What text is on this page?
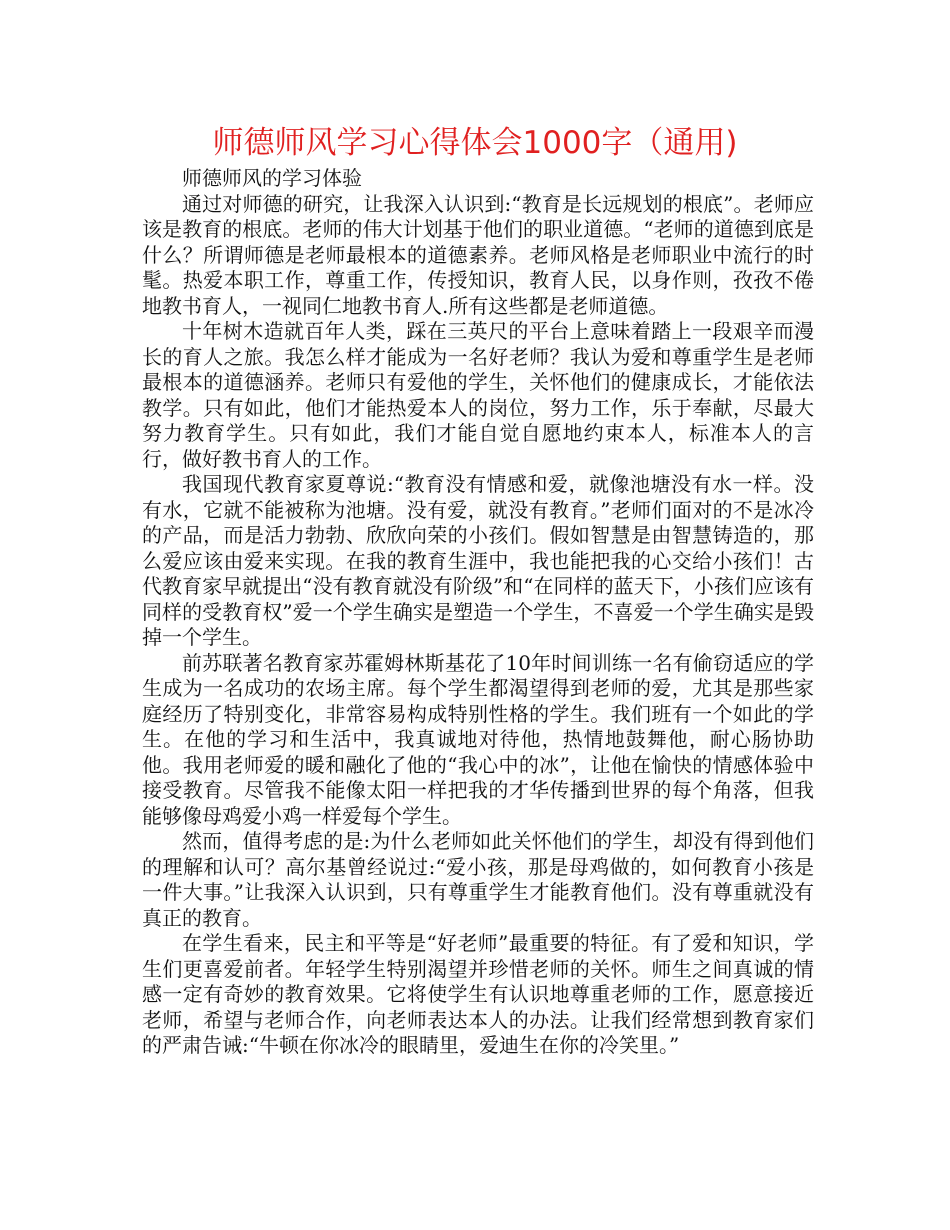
师德师风学习心得体会1000字（通用)

师德师风的学习体验

通过对师德的研究，让我深入认识到:“教育是长远规划的根底”。老师应该是教育的根底。老师的伟大计划基于他们的职业道德。“老师的道德到底是什么？所谓师德是老师最根本的道德素养。老师风格是老师职业中流行的时髦。热爱本职工作，尊重工作，传授知识，教育人民，以身作则，孜孜不倦地教书育人，一视同仁地教书育人.所有这些都是老师道德。

十年树木造就百年人类，踩在三英尺的平台上意味着踏上一段艰辛而漫长的育人之旅。我怎么样才能成为一名好老师？我认为爱和尊重学生是老师最根本的道德涵养。老师只有爱他的学生，关怀他们的健康成长，才能依法教学。只有如此，他们才能热爱本人的岗位，努力工作，乐于奉献，尽最大努力教育学生。只有如此，我们才能自觉自愿地约束本人，标准本人的言行，做好教书育人的工作。

我国现代教育家夏尊说:“教育没有情感和爱，就像池塘没有水一样。没有水，它就不能被称为池塘。没有爱，就没有教育。”老师们面对的不是冰冷的产品，而是活力勃勃、欣欣向荣的小孩们。假如智慧是由智慧铸造的，那么爱应该由爱来实现。在我的教育生涯中，我也能把我的心交给小孩们！古代教育家早就提出“没有教育就没有阶级”和“在同样的蓝天下，小孩们应该有同样的受教育权”爱一个学生确实是塑造一个学生，不喜爱一个学生确实是毁掉一个学生。

前苏联著名教育家苏霍姆林斯基花了10年时间训练一名有偷窃适应的学生成为一名成功的农场主席。每个学生都渴望得到老师的爱，尤其是那些家庭经历了特别变化，非常容易构成特别性格的学生。我们班有一个如此的学生。在他的学习和生活中，我真诚地对待他，热情地鼓舞他，耐心肠协助他。我用老师爱的暖和融化了他的“我心中的冰”，让他在愉快的情感体验中接受教育。尽管我不能像太阳一样把我的才华传播到世界的每个角落，但我能够像母鸡爱小鸡一样爱每个学生。

然而，值得考虑的是:为什么老师如此关怀他们的学生，却没有得到他们的理解和认可？高尔基曾经说过:“爱小孩，那是母鸡做的，如何教育小孩是一件大事。”让我深入认识到，只有尊重学生才能教育他们。没有尊重就没有真正的教育。

在学生看来，民主和平等是“好老师”最重要的特征。有了爱和知识，学生们更喜爱前者。年轻学生特别渴望并珍惜老师的关怀。师生之间真诚的情感一定有奇妙的教育效果。它将使学生有认识地尊重老师的工作，愿意接近老师，希望与老师合作，向老师表达本人的办法。让我们经常想到教育家们的严肃告诫:“牛顿在你冰冷的眼睛里，爱迪生在你的冷笑里。”
